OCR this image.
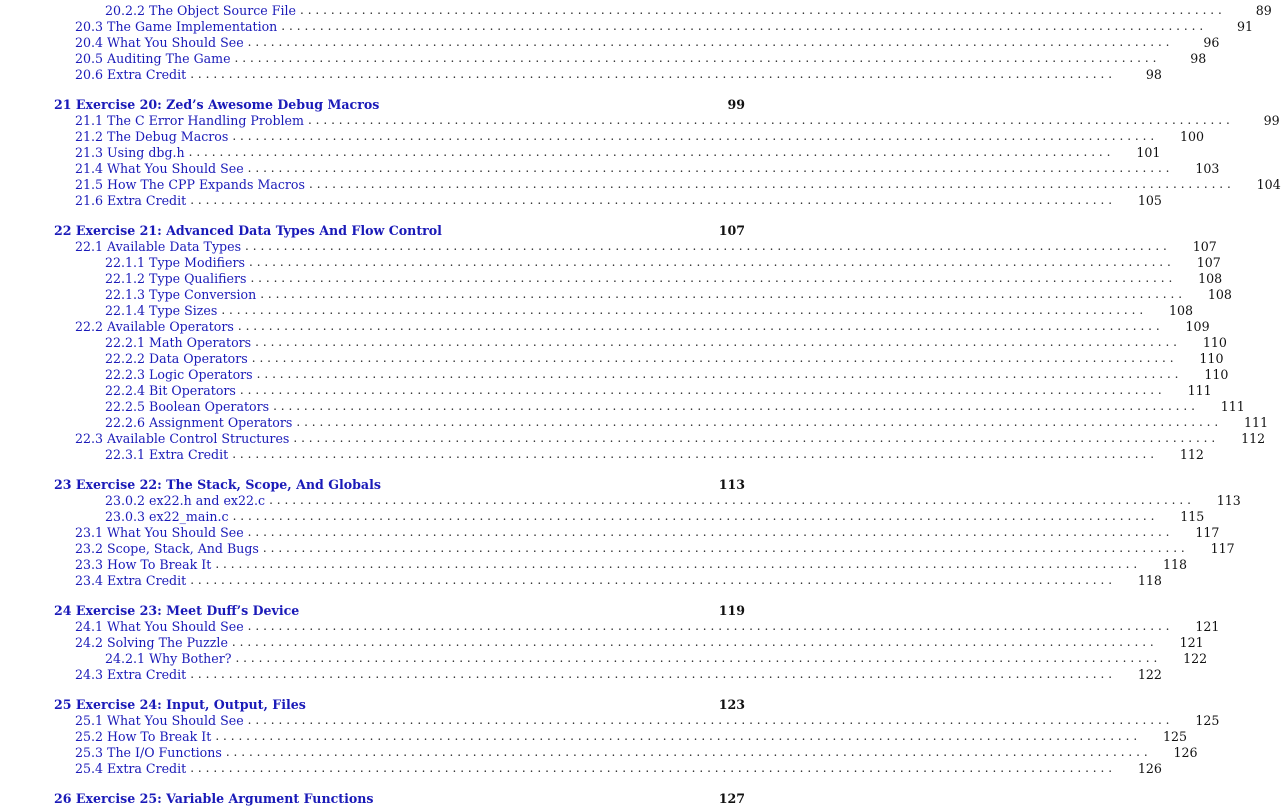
20.2.2 The Object Source File ........................................................................................................................	89
20.3 The Game Implementation ........................................................................................................................	91
20.4 What You Should See ........................................................................................................................	96
20.5 Auditing The Game ........................................................................................................................	98
20.6 Extra Credit ........................................................................................................................	98
21 Exercise 20: Zed’s Awesome Debug Macros	99
21.1 The C Error Handling Problem ........................................................................................................................	99
21.2 The Debug Macros ........................................................................................................................	100
21.3 Using dbg.h ........................................................................................................................	101
21.4 What You Should See ........................................................................................................................	103
21.5 How The CPP Expands Macros ........................................................................................................................	104
21.6 Extra Credit ........................................................................................................................	105
22 Exercise 21: Advanced Data Types And Flow Control	107
22.1 Available Data Types ........................................................................................................................	107
22.1.1 Type Modifiers ........................................................................................................................	107
22.1.2 Type Qualifiers ........................................................................................................................	108
22.1.3 Type Conversion ........................................................................................................................	108
22.1.4 Type Sizes ........................................................................................................................	108
22.2 Available Operators ........................................................................................................................	109
22.2.1 Math Operators ........................................................................................................................	110
22.2.2 Data Operators ........................................................................................................................	110
22.2.3 Logic Operators ........................................................................................................................	110
22.2.4 Bit Operators ........................................................................................................................	111
22.2.5 Boolean Operators ........................................................................................................................	111
22.2.6 Assignment Operators ........................................................................................................................	111
22.3 Available Control Structures ........................................................................................................................	112
22.3.1 Extra Credit ........................................................................................................................	112
23 Exercise 22: The Stack, Scope, And Globals	113
23.0.2 ex22.h and ex22.c ........................................................................................................................	113
23.0.3 ex22_main.c ........................................................................................................................	115
23.1 What You Should See ........................................................................................................................	117
23.2 Scope, Stack, And Bugs ........................................................................................................................	117
23.3 How To Break It ........................................................................................................................	118
23.4 Extra Credit ........................................................................................................................	118
24 Exercise 23: Meet Duff’s Device	119
24.1 What You Should See ........................................................................................................................	121
24.2 Solving The Puzzle ........................................................................................................................	121
24.2.1 Why Bother? ........................................................................................................................	122
24.3 Extra Credit ........................................................................................................................	122
25 Exercise 24: Input, Output, Files	123
25.1 What You Should See ........................................................................................................................	125
25.2 How To Break It ........................................................................................................................	125
25.3 The I/O Functions ........................................................................................................................	126
25.4 Extra Credit ........................................................................................................................	126
26 Exercise 25: Variable Argument Functions	127
